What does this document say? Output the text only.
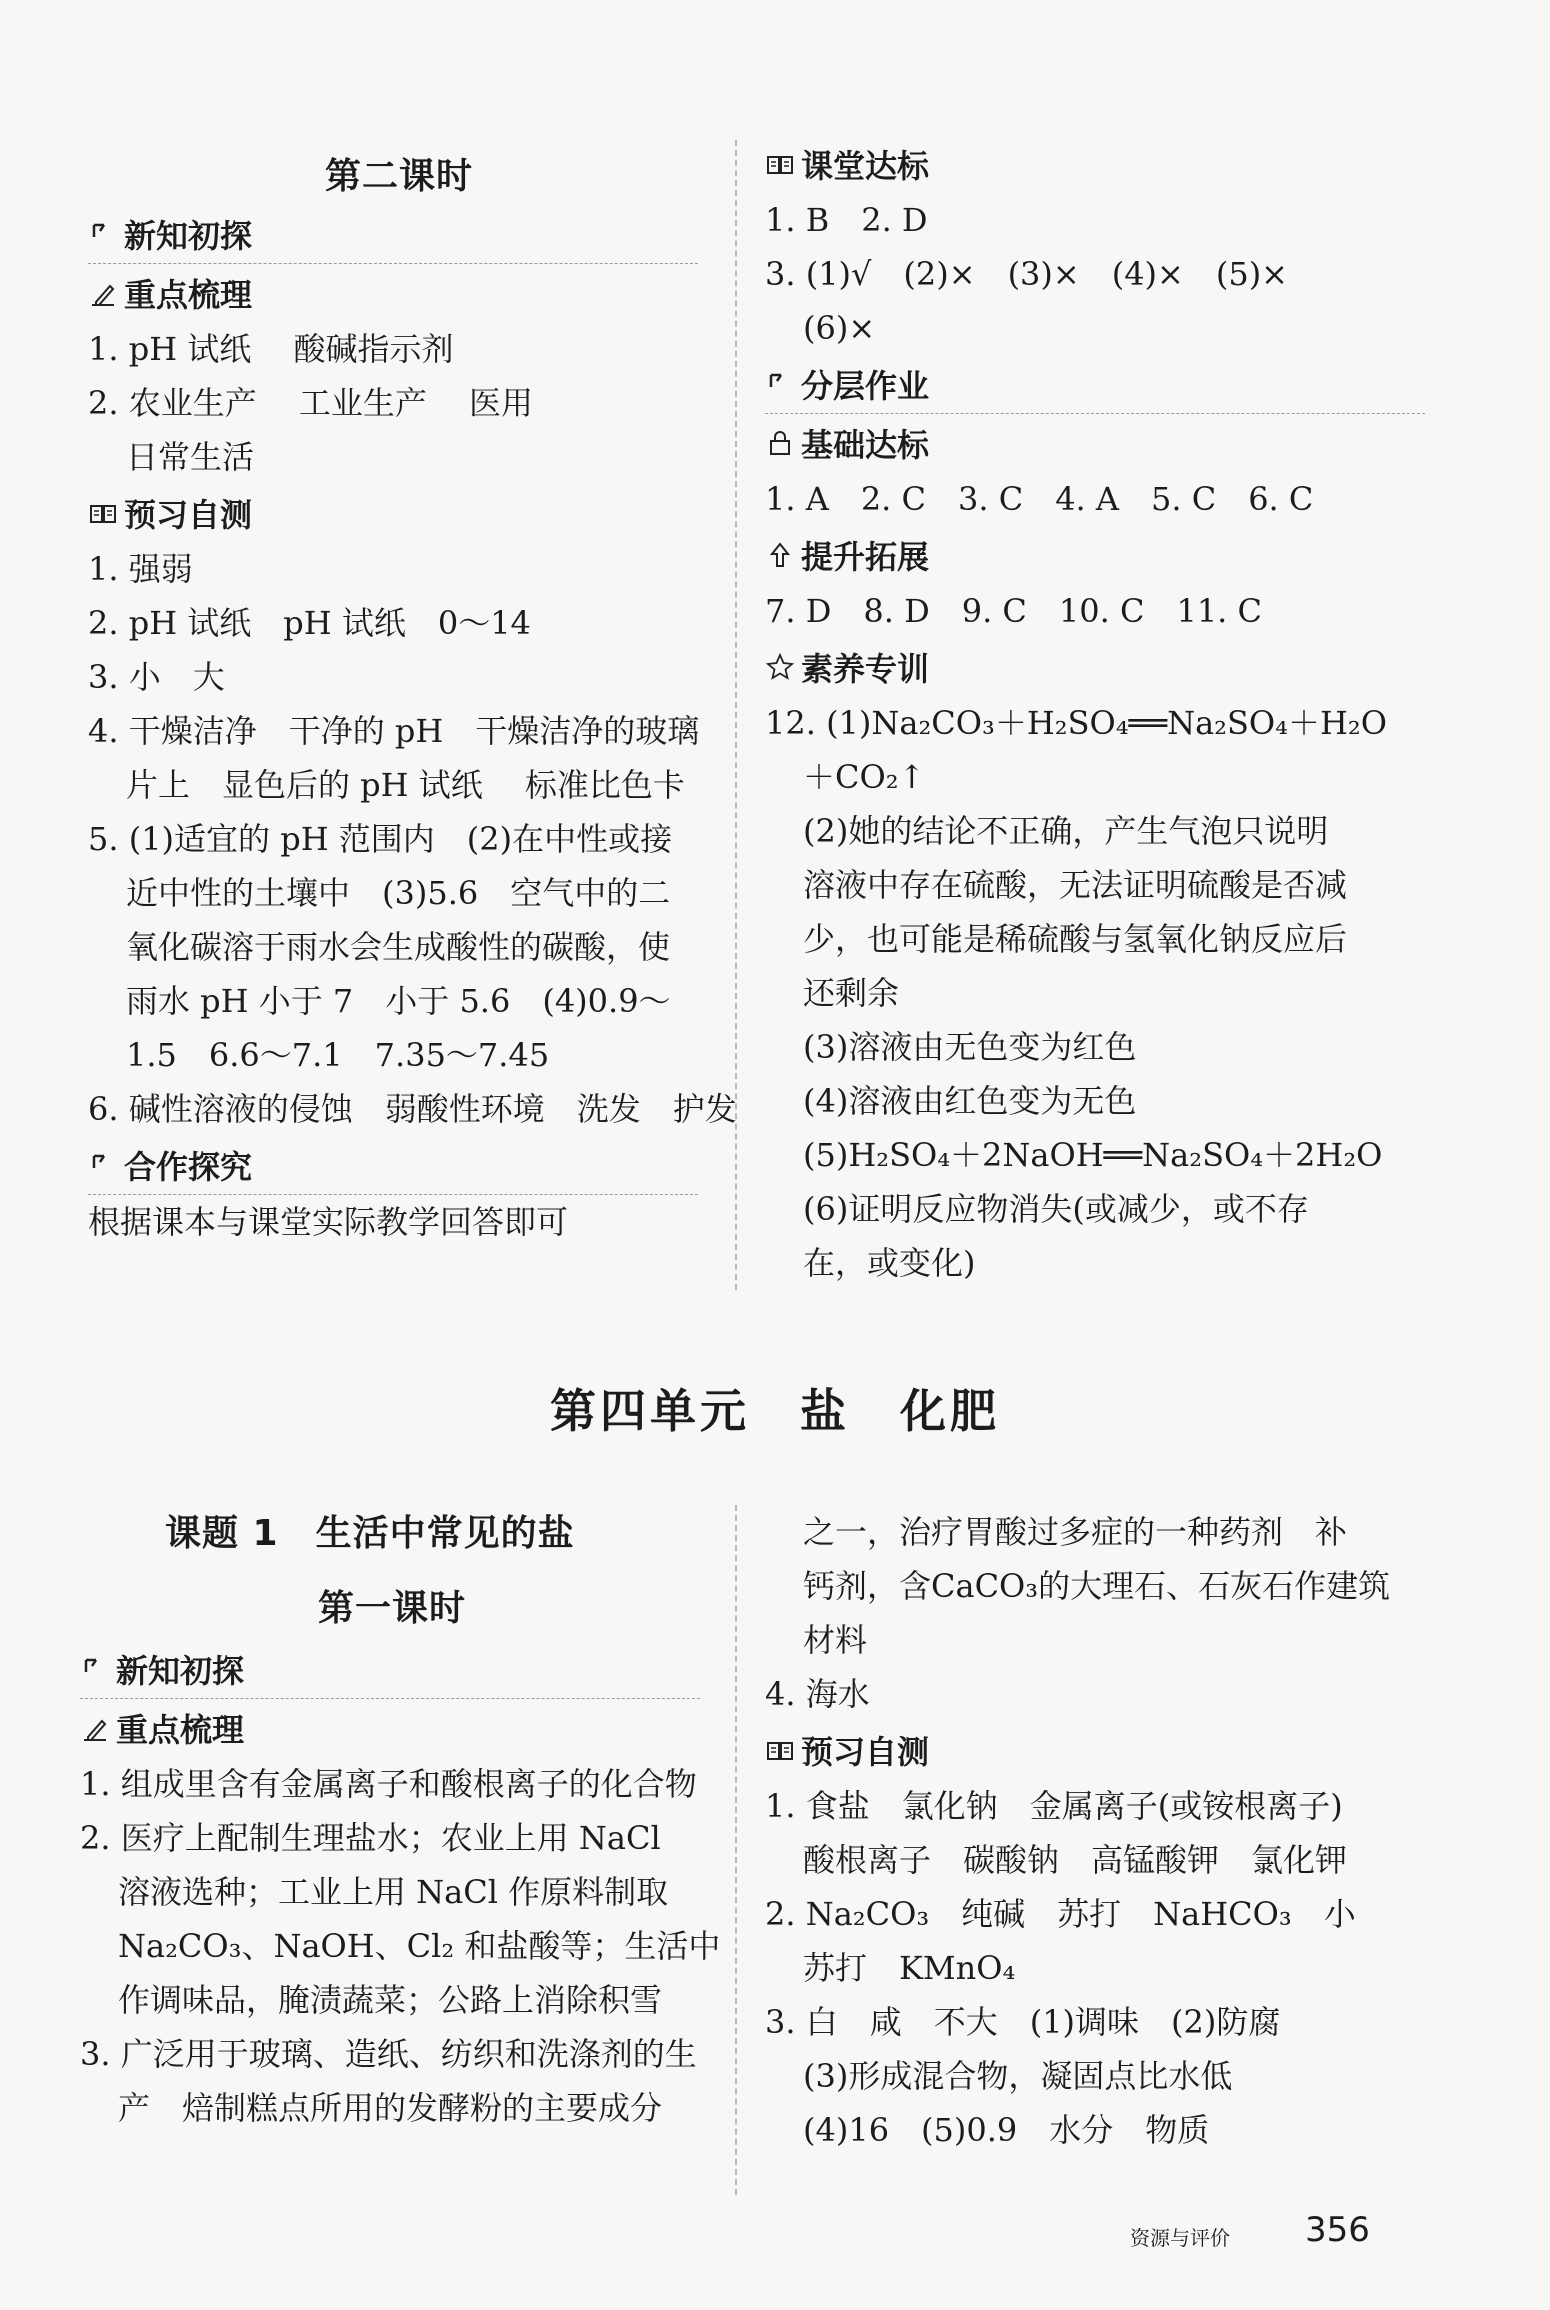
第二课时
新知初探
重点梳理
1. pH 试纸　 酸碱指示剂
2. 农业生产　 工业生产　 医用
日常生活
预习自测
1. 强弱
2. pH 试纸　pH 试纸　0～14
3. 小　大
4. 干燥洁净　干净的 pH　干燥洁净的玻璃
片上　显色后的 pH 试纸　 标准比色卡
5. (1)适宜的 pH 范围内　(2)在中性或接
近中性的土壤中　(3)5.6　空气中的二
氧化碳溶于雨水会生成酸性的碳酸，使
雨水 pH 小于 7　小于 5.6　(4)0.9～
1.5　6.6～7.1　7.35～7.45
6. 碱性溶液的侵蚀　弱酸性环境　洗发　护发
合作探究
根据课本与课堂实际教学回答即可
课堂达标
1. B　2. D
3. (1)√　(2)×　(3)×　(4)×　(5)×
(6)×
分层作业
基础达标
1. A　2. C　3. C　4. A　5. C　6. C
提升拓展
7. D　8. D　9. C　10. C　11. C
素养专训
12. (1)Na₂CO₃＋H₂SO₄══Na₂SO₄＋H₂O
＋CO₂↑
(2)她的结论不正确，产生气泡只说明
溶液中存在硫酸，无法证明硫酸是否减
少，也可能是稀硫酸与氢氧化钠反应后
还剩余
(3)溶液由无色变为红色
(4)溶液由红色变为无色
(5)H₂SO₄＋2NaOH══Na₂SO₄＋2H₂O
(6)证明反应物消失(或减少，或不存
在，或变化)
第四单元　盐　化肥
课题 1　生活中常见的盐
第一课时
新知初探
重点梳理
1. 组成里含有金属离子和酸根离子的化合物
2. 医疗上配制生理盐水；农业上用 NaCl
溶液选种；工业上用 NaCl 作原料制取
Na₂CO₃、NaOH、Cl₂ 和盐酸等；生活中
作调味品，腌渍蔬菜；公路上消除积雪
3. 广泛用于玻璃、造纸、纺织和洗涤剂的生
产　焙制糕点所用的发酵粉的主要成分
之一，治疗胃酸过多症的一种药剂　补
钙剂，含CaCO₃的大理石、石灰石作建筑
材料
4. 海水
预习自测
1. 食盐　氯化钠　金属离子(或铵根离子)
酸根离子　碳酸钠　高锰酸钾　氯化钾
2. Na₂CO₃　纯碱　苏打　NaHCO₃　小
苏打　KMnO₄
3. 白　咸　不大　(1)调味　(2)防腐
(3)形成混合物，凝固点比水低
(4)16　(5)0.9　水分　物质
资源与评价 356
